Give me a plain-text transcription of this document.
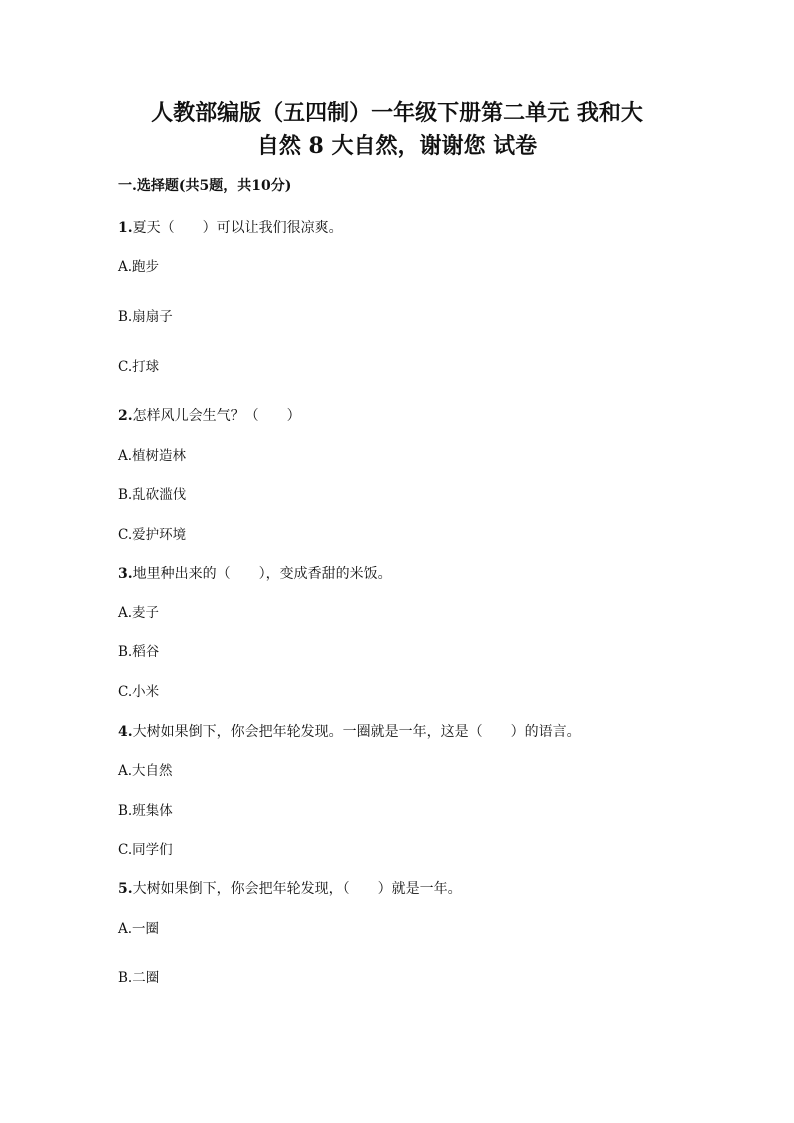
人教部编版（五四制）一年级下册第二单元 我和大
自然 8 大自然，谢谢您 试卷

一.选择题(共5题，共10分)

1.夏天（　　）可以让我们很凉爽。

A.跑步

B.扇扇子

C.打球

2.怎样风儿会生气？（　　）

A.植树造林

B.乱砍滥伐

C.爱护环境

3.地里种出来的（　　），变成香甜的米饭。

A.麦子

B.稻谷

C.小米

4.大树如果倒下，你会把年轮发现。一圈就是一年，这是（　　）的语言。

A.大自然

B.班集体

C.同学们

5.大树如果倒下，你会把年轮发现，（　　）就是一年。

A.一圈

B.二圈
